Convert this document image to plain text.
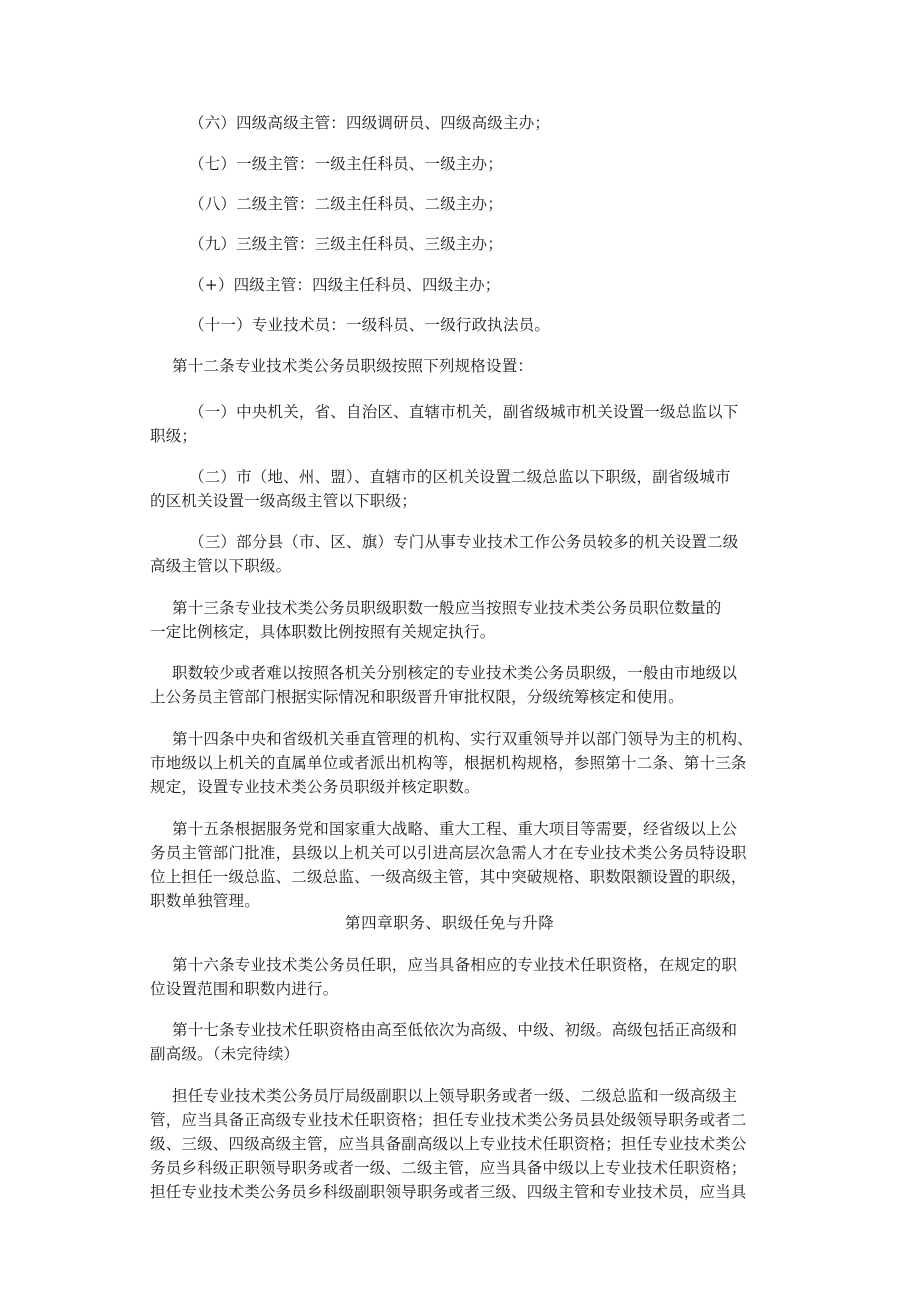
（六）四级高级主管：四级调研员、四级高级主办；
（七）一级主管：一级主任科员、一级主办；
（八）二级主管：二级主任科员、二级主办；
（九）三级主管：三级主任科员、三级主办；
（+）四级主管：四级主任科员、四级主办；
（十一）专业技术员：一级科员、一级行政执法员。
第十二条专业技术类公务员职级按照下列规格设置：
（一）中央机关，省、自治区、直辖市机关，副省级城市机关设置一级总监以下
职级；
（二）市（地、州、盟）、直辖市的区机关设置二级总监以下职级，副省级城市
的区机关设置一级高级主管以下职级；
（三）部分县（市、区、旗）专门从事专业技术工作公务员较多的机关设置二级
高级主管以下职级。
第十三条专业技术类公务员职级职数一般应当按照专业技术类公务员职位数量的
一定比例核定，具体职数比例按照有关规定执行。
职数较少或者难以按照各机关分别核定的专业技术类公务员职级，一般由市地级以
上公务员主管部门根据实际情况和职级晋升审批权限，分级统筹核定和使用。
第十四条中央和省级机关垂直管理的机构、实行双重领导并以部门领导为主的机构、
市地级以上机关的直属单位或者派出机构等，根据机构规格，参照第十二条、第十三条
规定，设置专业技术类公务员职级并核定职数。
第十五条根据服务党和国家重大战略、重大工程、重大项目等需要，经省级以上公
务员主管部门批准，县级以上机关可以引进高层次急需人才在专业技术类公务员特设职
位上担任一级总监、二级总监、一级高级主管，其中突破规格、职数限额设置的职级，
职数单独管理。
第四章职务、职级任免与升降
第十六条专业技术类公务员任职，应当具备相应的专业技术任职资格，在规定的职
位设置范围和职数内进行。
第十七条专业技术任职资格由高至低依次为高级、中级、初级。高级包括正高级和
副高级。（未完待续）
担任专业技术类公务员厅局级副职以上领导职务或者一级、二级总监和一级高级主
管，应当具备正高级专业技术任职资格；担任专业技术类公务员县处级领导职务或者二
级、三级、四级高级主管，应当具备副高级以上专业技术任职资格；担任专业技术类公
务员乡科级正职领导职务或者一级、二级主管，应当具备中级以上专业技术任职资格；
担任专业技术类公务员乡科级副职领导职务或者三级、四级主管和专业技术员，应当具
